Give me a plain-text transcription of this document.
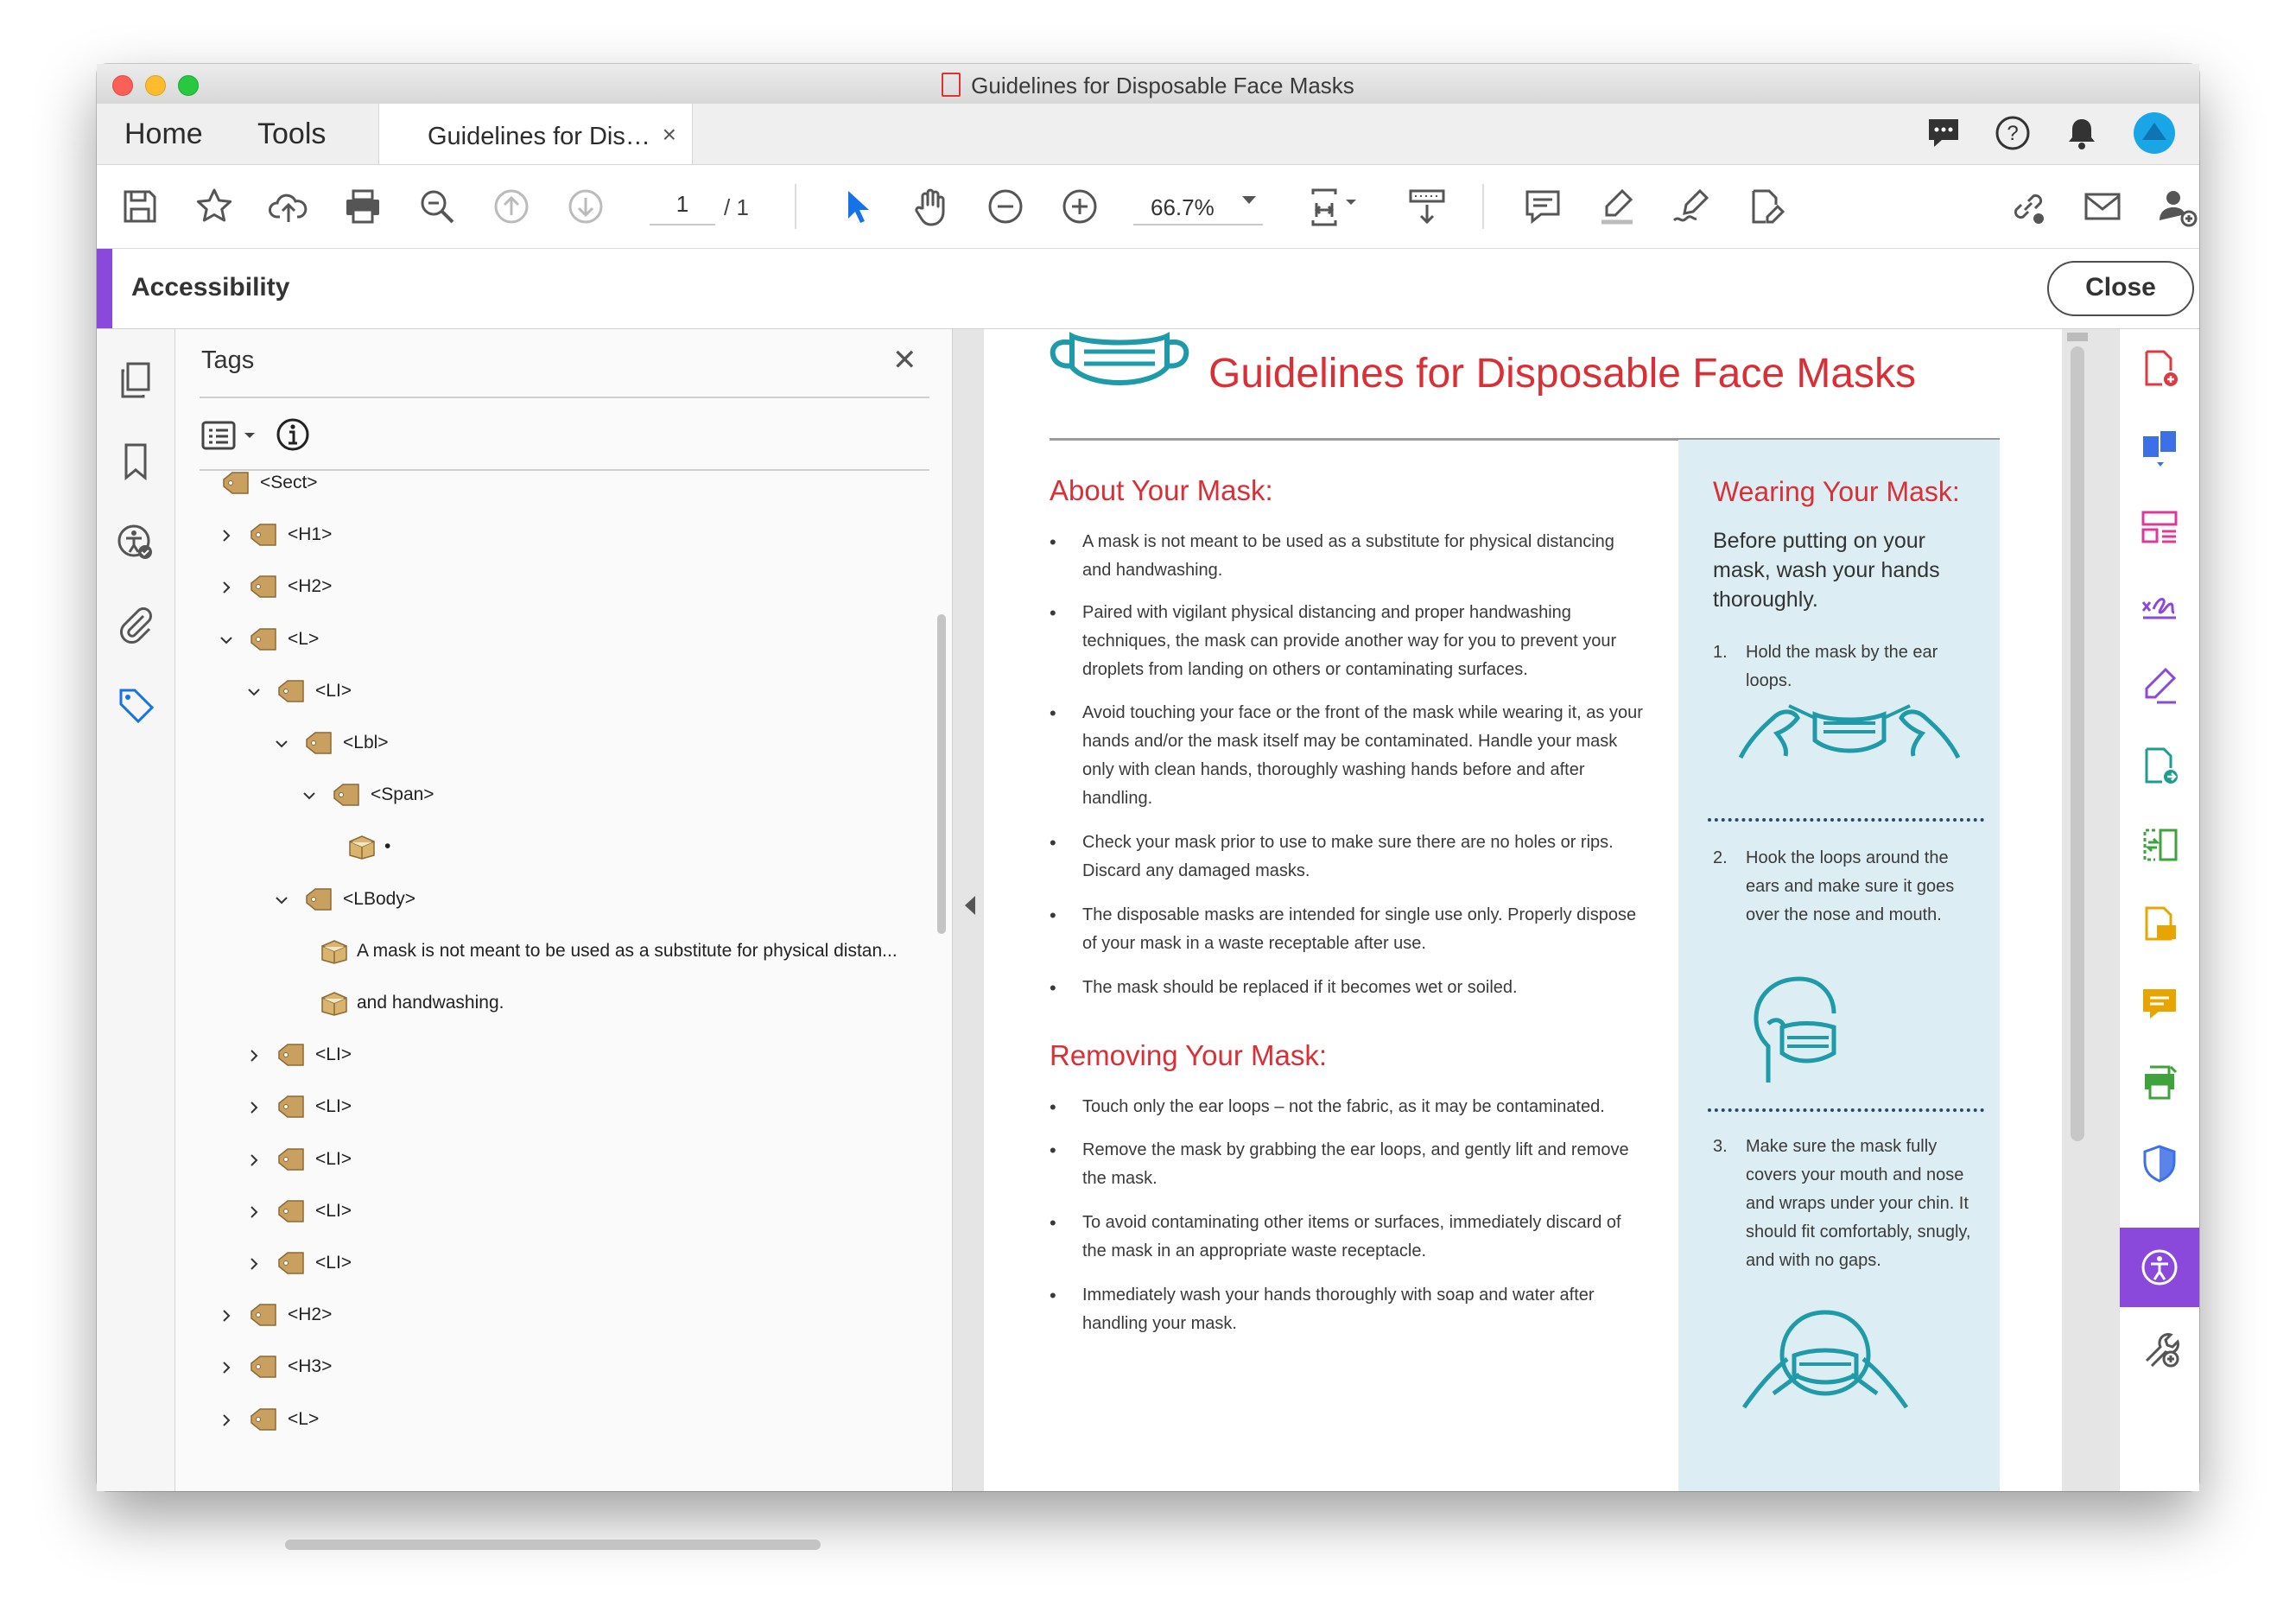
Guidelines for Disposable Face Masks
Home Tools	Guidelines for Dis… ×	?
1	/ 1	66.7%
Accessibility	Close
Tags	✕
<Sect>
<H1>
<H2>
<L>
<LI>
<Lbl>
<Span>
•
<LBody>
A mask is not meant to be used as a substitute for physical distan...
and handwashing.
<LI>
<LI>
<LI>
<LI>
<LI>
<H2>
<H3>
<L>
Guidelines for Disposable Face Masks
About Your Mask:
• A mask is not meant to be used as a substitute for physical distancing and handwashing.
• Paired with vigilant physical distancing and proper handwashing techniques, the mask can provide another way for you to prevent your droplets from landing on others or contaminating surfaces.
• Avoid touching your face or the front of the mask while wearing it, as your hands and/or the mask itself may be contaminated. Handle your mask only with clean hands, thoroughly washing hands before and after handling.
• Check your mask prior to use to make sure there are no holes or rips. Discard any damaged masks.
• The disposable masks are intended for single use only. Properly dispose of your mask in a waste receptable after use.
• The mask should be replaced if it becomes wet or soiled.
Removing Your Mask:
• Touch only the ear loops – not the fabric, as it may be contaminated.
• Remove the mask by grabbing the ear loops, and gently lift and remove the mask.
• To avoid contaminating other items or surfaces, immediately discard of the mask in an appropriate waste receptacle.
• Immediately wash your hands thoroughly with soap and water after handling your mask.
Wearing Your Mask:
Before putting on your mask, wash your hands thoroughly.
1. Hold the mask by the ear loops.
2. Hook the loops around the ears and make sure it goes over the nose and mouth.
3. Make sure the mask fully covers your mouth and nose and wraps under your chin. It should fit comfortably, snugly, and with no gaps.
